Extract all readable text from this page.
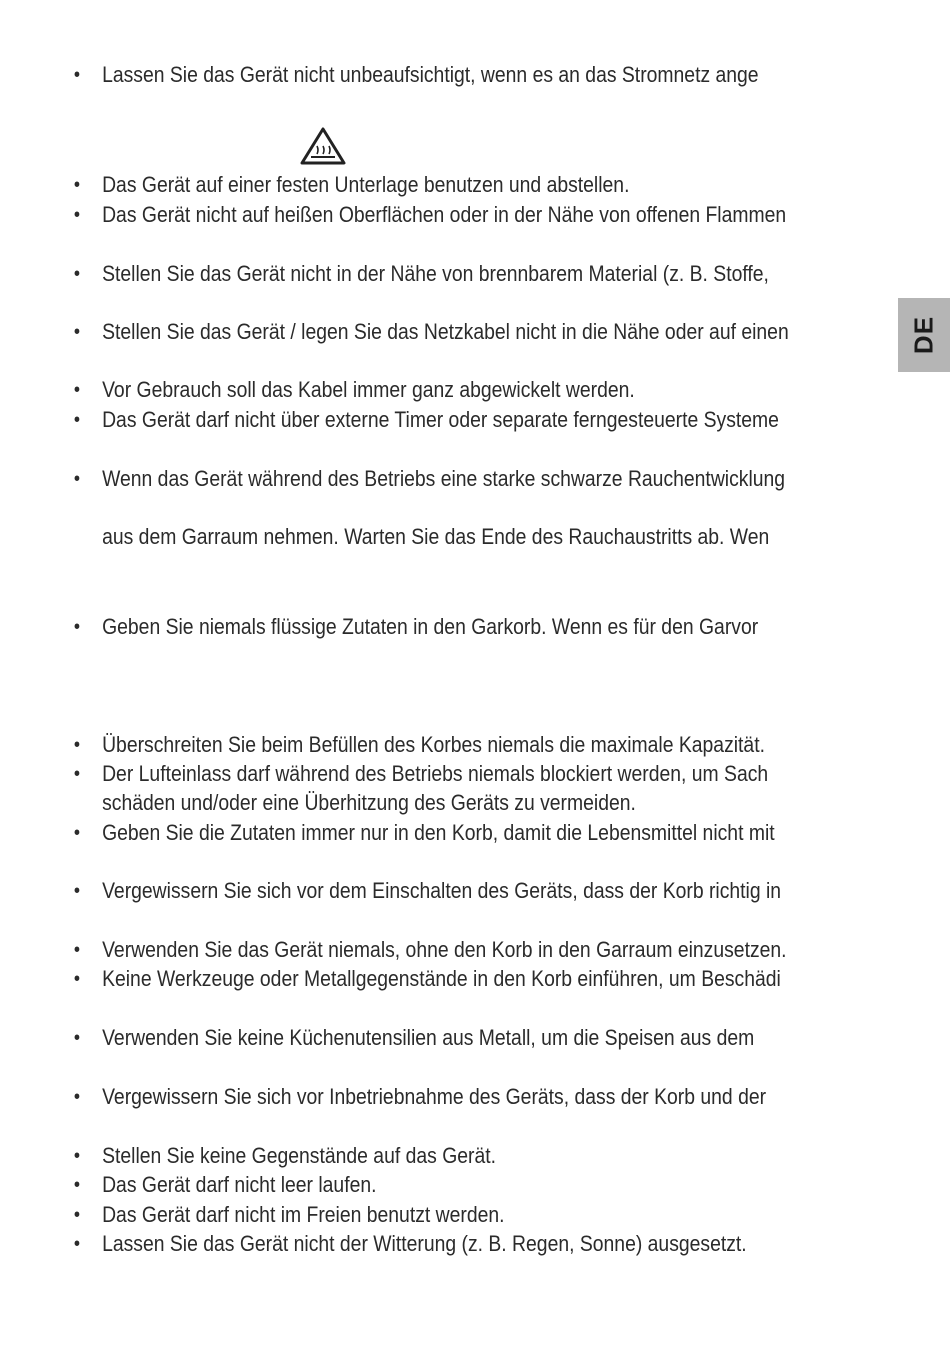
DE
• Lassen Sie das Gerät nicht unbeaufsichtigt, wenn es an das Stromnetz ange
• Das Gerät auf einer festen Unterlage benutzen und abstellen.
• Das Gerät nicht auf heißen Oberflächen oder in der Nähe von offenen Flammen
• Stellen Sie das Gerät nicht in der Nähe von brennbarem Material (z. B. Stoffe,
• Stellen Sie das Gerät / legen Sie das Netzkabel nicht in die Nähe oder auf einen
• Vor Gebrauch soll das Kabel immer ganz abgewickelt werden.
• Das Gerät darf nicht über externe Timer oder separate ferngesteuerte Systeme
• Wenn das Gerät während des Betriebs eine starke schwarze Rauchentwicklung
aus dem Garraum nehmen. Warten Sie das Ende des Rauchaustritts ab. Wen
• Geben Sie niemals flüssige Zutaten in den Garkorb. Wenn es für den Garvor
• Überschreiten Sie beim Befüllen des Korbes niemals die maximale Kapazität.
• Der Lufteinlass darf während des Betriebs niemals blockiert werden, um Sach
schäden und/oder eine Überhitzung des Geräts zu vermeiden.
• Geben Sie die Zutaten immer nur in den Korb, damit die Lebensmittel nicht mit
• Vergewissern Sie sich vor dem Einschalten des Geräts, dass der Korb richtig in
• Verwenden Sie das Gerät niemals, ohne den Korb in den Garraum einzusetzen.
• Keine Werkzeuge oder Metallgegenstände in den Korb einführen, um Beschädi
• Verwenden Sie keine Küchenutensilien aus Metall, um die Speisen aus dem
• Vergewissern Sie sich vor Inbetriebnahme des Geräts, dass der Korb und der
• Stellen Sie keine Gegenstände auf das Gerät.
• Das Gerät darf nicht leer laufen.
• Das Gerät darf nicht im Freien benutzt werden.
• Lassen Sie das Gerät nicht der Witterung (z. B. Regen, Sonne) ausgesetzt.
